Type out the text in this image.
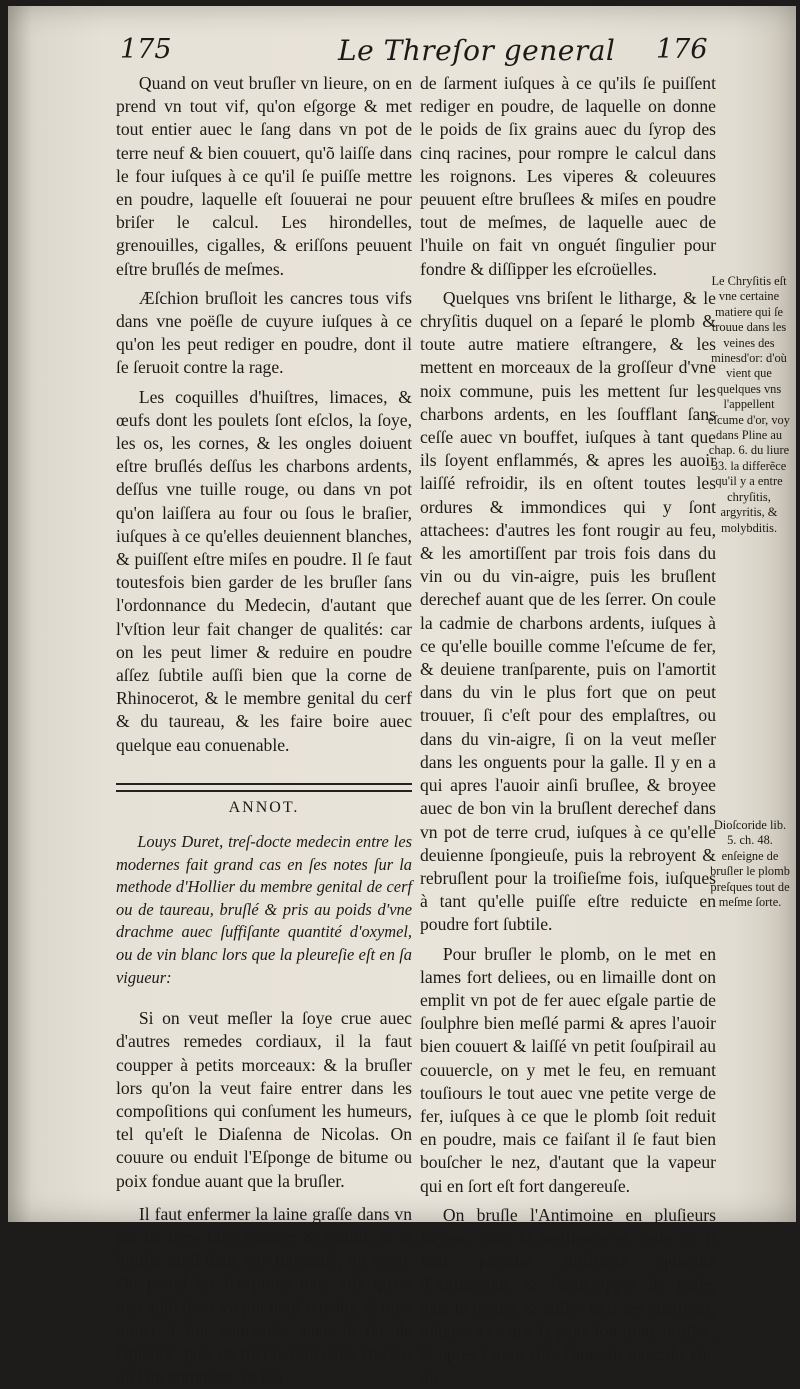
175	Le Threſor general 176

Quand on veut bruſler vn lieure, on en prend vn tout vif, qu'on eſgorge & met tout entier auec le ſang dans vn pot de terre neuf & bien couuert, qu'õ laiſſe dans le four iuſques à ce qu'il ſe puiſſe mettre en poudre, laquelle eſt ſouuerai ne pour briſer le calcul. Les hirondelles, grenouilles, cigalles, & eriſſons peuuent eſtre bruſlés de meſmes.

Æſchion bruſloit les cancres tous vifs dans vne poëſle de cuyure iuſques à ce qu'on les peut rediger en poudre, dont il ſe ſeruoit contre la rage.

Les coquilles d'huiſtres, limaces, & œufs dont les poulets ſont eſclos, la ſoye, les os, les cornes, & les ongles doiuent eſtre bruſlés deſſus les charbons ardents, deſſus vne tuille rouge, ou dans vn pot qu'on laiſſera au four ou ſous le braſier, iuſques à ce qu'elles deuiennent blanches, & puiſſent eſtre miſes en poudre. Il ſe faut toutesfois bien garder de les bruſler ſans l'ordonnance du Medecin, d'autant que l'vſtion leur fait changer de qualités: car on les peut limer & reduire en poudre aſſez ſubtile auſſi bien que la corne de Rhinocerot, & le membre genital du cerf & du taureau, & les faire boire auec quelque eau conuenable.

ANNOT.

Louys Duret, treſ-docte medecin entre les modernes fait grand cas en ſes notes ſur la methode d'Hollier du membre genital de cerf ou de taureau, bruſlé & pris au poids d'vne drachme auec ſuffiſante quantité d'oxymel, ou de vin blanc lors que la pleureſie eſt en ſa vigueur:

Si on veut meſler la ſoye crue auec d'autres remedes cordiaux, il la faut coupper à petits morceaux: & la bruſler lors qu'on la veut faire entrer dans les compoſitions qui conſument les humeurs, tel qu'eſt le Diaſenna de Nicolas. On couure ou enduit l'Eſponge de bitume ou poix fondue auant que la bruſler.

Il faut enfermer la laine graſſe dans vn pot de terre bien couuert & enduit, & la bruſler ainſi dans vne fournaiſe, ou foyer. On prend les ſcorpions tous vifs qu'on met auſſi dans vn pot neuf reueſtu, & bien ioinct à ſon couuercle auec le lut de ſapience, puis on met le tout dans vn four où l'on entretient vn feu

de ſarment iuſques à ce qu'ils ſe puiſſent rediger en poudre, de laquelle on donne le poids de ſix grains auec du ſyrop des cinq racines, pour rompre le calcul dans les roignons. Les viperes & coleuures peuuent eſtre bruſlees & miſes en poudre tout de meſmes, de laquelle auec de l'huile on fait vn onguét ſingulier pour fondre & diſſipper les eſcroüelles.

Quelques vns briſent le litharge, & le chryſitis duquel on a ſeparé le plomb & toute autre matiere eſtrangere, & les mettent en morceaux de la groſſeur d'vne noix commune, puis les mettent ſur les charbons ardents, en les ſoufflant ſans ceſſe auec vn bouffet, iuſques à tant que ils ſoyent enflammés, & apres les auoir laiſſé refroidir, ils en oſtent toutes les ordures & immondices qui y ſont attachees: d'autres les font rougir au feu, & les amortiſſent par trois fois dans du vin ou du vin-aigre, puis les bruſlent derechef auant que de les ſerrer. On coule la cadmie de charbons ardents, iuſques à ce qu'elle bouille comme l'eſcume de fer, & deuiene tranſparente, puis on l'amortit dans du vin le plus fort que on peut trouuer, ſi c'eſt pour des emplaſtres, ou dans du vin-aigre, ſi on la veut meſler dans les onguents pour la galle. Il y en a qui apres l'auoir ainſi bruſlee, & broyee auec de bon vin la bruſlent derechef dans vn pot de terre crud, iuſques à ce qu'elle deuienne ſpongieuſe, puis la rebroyent & rebruſlent pour la troiſieſme fois, iuſques à tant qu'elle puiſſe eſtre reduicte en poudre fort ſubtile.

Pour bruſler le plomb, on le met en lames fort deliees, ou en limaille dont on emplit vn pot de fer auec eſgale partie de ſoulphre bien meſlé parmi & apres l'auoir bien couuert & laiſſé vn petit ſouſpirail au couuercle, on y met le feu, en remuant touſiours le tout auec vne petite verge de fer, iuſques à ce que le plomb ſoit reduit en poudre, mais ce faiſant il ſe faut bien bouſcher le nez, d'autant que la vapeur qui en ſort eſt fort dangereuſe.

On bruſle l'Antimoine en pluſieurs façons, mais la meilleure eſt ceſte ci: Il faut prendre ſuffiſante quantité d'Antimoine, & l'enuelopper de paſte, puis le mettre & laiſſer ſous les charbons, iuſques à ce que la paſte ſoit toute bruſlee, & apres l'auoir tiré, l'amortir auec du vin, ou

Le Chryſitis eſt vne certaine matiere qui ſe trouue dans les veines des minesd'or: d'où vient que quelques vns l'appellent eſcume d'or, voy dans Pline au chap. 6. du liure 33. la differẽce qu'il y a entre chryſitis, argyritis, & molybditis.
Dioſcoride lib. 5. ch. 48. enſeigne de bruſler le plomb preſques tout de meſme ſorte.
